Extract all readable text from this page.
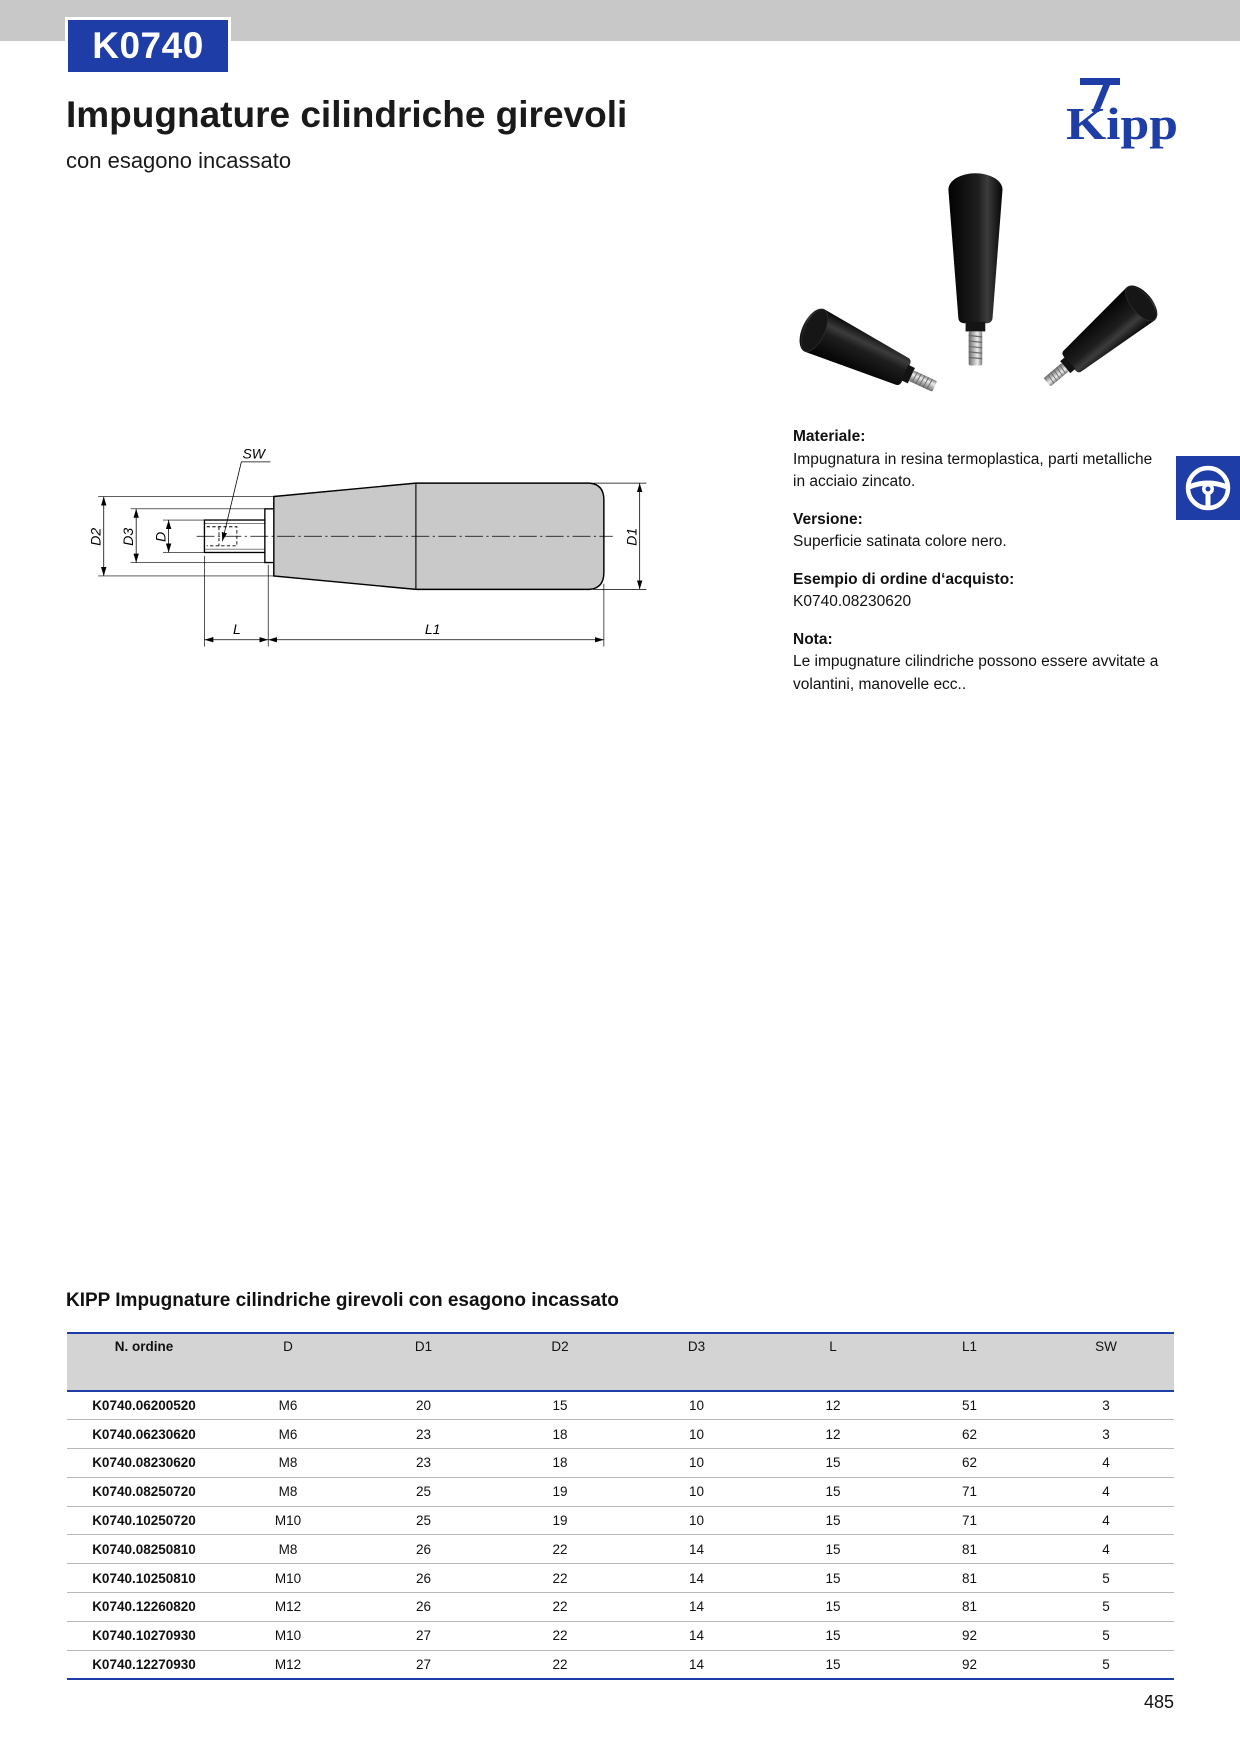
K0740
Impugnature cilindriche girevoli
con esagono incassato
Kipp
SW
D2 D3 D	D1
L	L1
Materiale:
Impugnatura in resina termoplastica, parti metalliche in acciaio zincato.
Versione:
Superficie satinata colore nero.
Esempio di ordine d‘acquisto:
K0740.08230620
Nota:
Le impugnature cilindriche possono essere avvitate a volantini, manovelle ecc..
KIPP Impugnature cilindriche girevoli con esagono incassato
N. ordine	D	D1	D2	D3	L	L1	SW
K0740.06200520	M6	20	15	10	12	51	3
K0740.06230620	M6	23	18	10	12	62	3
K0740.08230620	M8	23	18	10	15	62	4
K0740.08250720	M8	25	19	10	15	71	4
K0740.10250720	M10	25	19	10	15	71	4
K0740.08250810	M8	26	22	14	15	81	4
K0740.10250810	M10	26	22	14	15	81	5
K0740.12260820	M12	26	22	14	15	81	5
K0740.10270930	M10	27	22	14	15	92	5
K0740.12270930	M12	27	22	14	15	92	5
485
